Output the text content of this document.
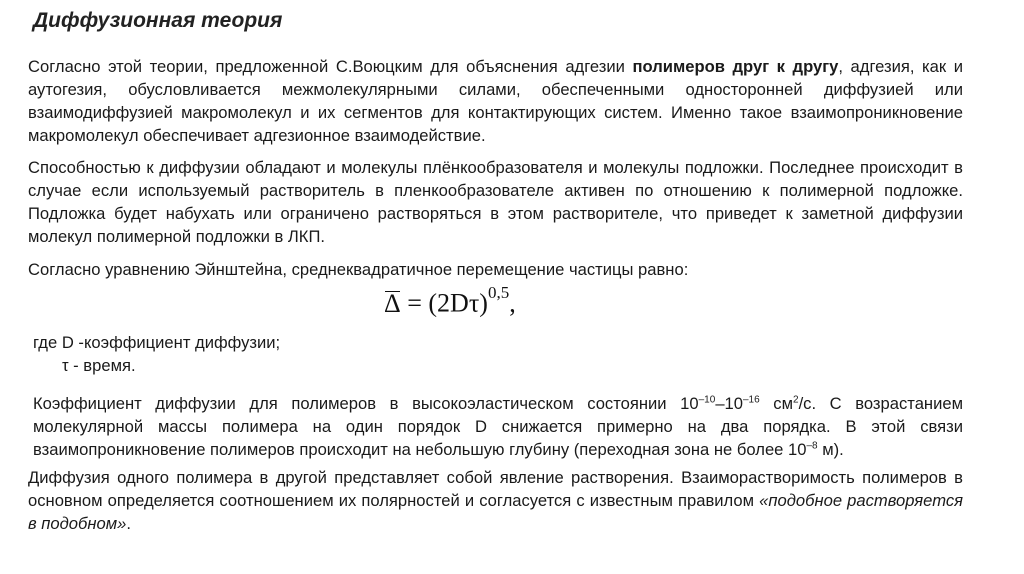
Диффузионная теория

Согласно этой теории, предложенной С.Воюцким для объяснения адгезии полимеров друг к другу, адгезия, как и аутогезия, обусловливается межмолекулярными силами, обеспеченными односторонней диффузией или взаимодиффузией макромолекул и их сегментов для контактирующих систем. Именно такое взаимопроникновение макромолекул обеспечивает адгезионное взаимодействие.

Способностью к диффузии обладают и молекулы плёнкообразователя и молекулы подложки. Последнее происходит в случае если используемый растворитель в пленкообразователе активен по отношению к полимерной подложке. Подложка будет набухать или ограничено растворяться в этом растворителе, что приведет к заметной диффузии молекул полимерной подложки в ЛКП.

Согласно уравнению Эйнштейна, среднеквадратичное перемещение частицы равно:

$\Delta = (2D\tau)^{0,5}$,
где D -коэффициент диффузии;
τ - время.

Коэффициент диффузии для полимеров в высокоэластическом состоянии $10^{-10}-10^{-16}$ $см^2/с$. С возрастанием молекулярной массы полимера на один порядок D снижается примерно на два порядка. В этой связи взаимопроникновение полимеров происходит на небольшую глубину (переходная зона не более $10^{-8}$ м).

Диффузия одного полимера в другой представляет собой явление растворения. Взаиморастворимость полимеров в основном определяется соотношением их полярностей и согласуется с известным правилом «подобное растворяется в подобном».
